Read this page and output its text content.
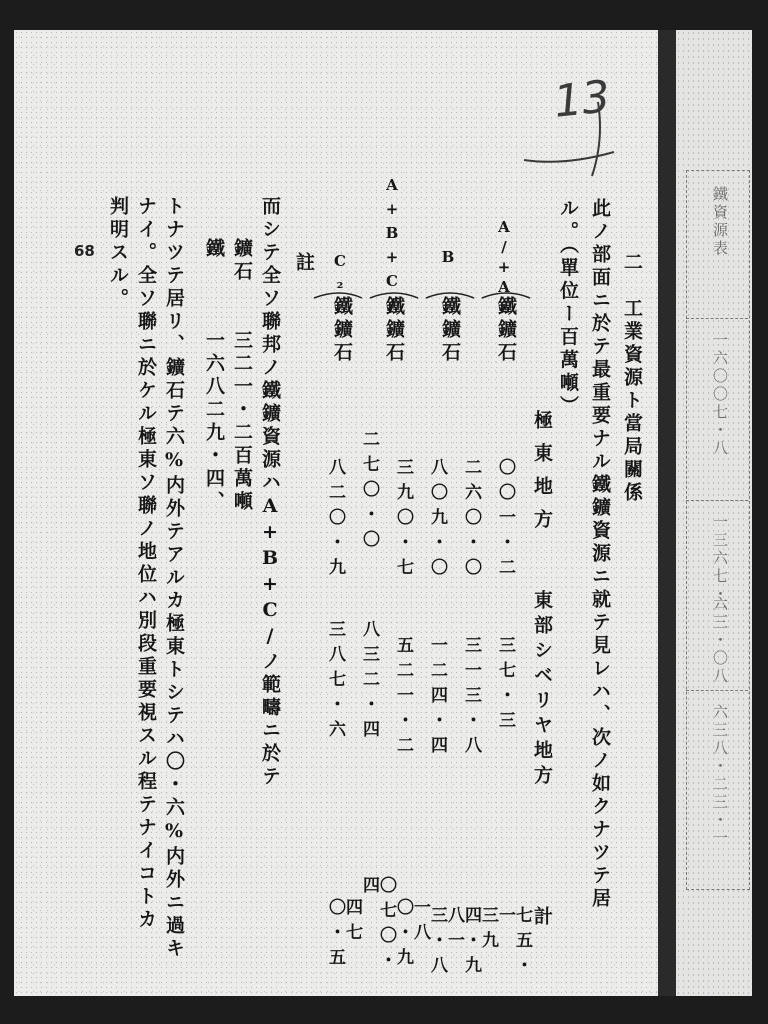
13
二　工業資源ト當局關係
此ノ部面ニ於テ最重要ナル鐵鑛資源ニ就テ見レハ、次ノ如クナツテ居
ル。（單位ー百萬噸）
極東地方
東部シベリヤ地方
計
A/+A₂
鐵鑛石
B
鐵鑛石
A+B+C/
鐵鑛石
C₂
鐵鑛石
〇〇一・二
二六〇・〇
八〇九・〇
三九〇・七
二七〇・〇
八二〇・九
三七・三
三一三・八
一二四・四
五二一・二
八三二・四
三八七・六
七五・一
三九四・九
八一三・八
一八〇・九
〇七〇・四
四七〇・五
註
而シテ全ソ聯邦ノ鐵鑛資源ハA+B+C/ノ範疇ニ於テ
鑛石　　三二一・二百萬噸
鐵　　　一六八二九・四、
トナツテ居リ、鑛石テ六%内外テアルカ極東トシテハ〇・六%内外ニ過キ
ナイ。全ソ聯ニ於ケル極東ソ聯ノ地位ハ別段重要視スル程テナイコトカ
判明スル。
68	鐵資源表
一六〇〇七・八
一三六七・二
六三・〇八
六三八・二三・一
